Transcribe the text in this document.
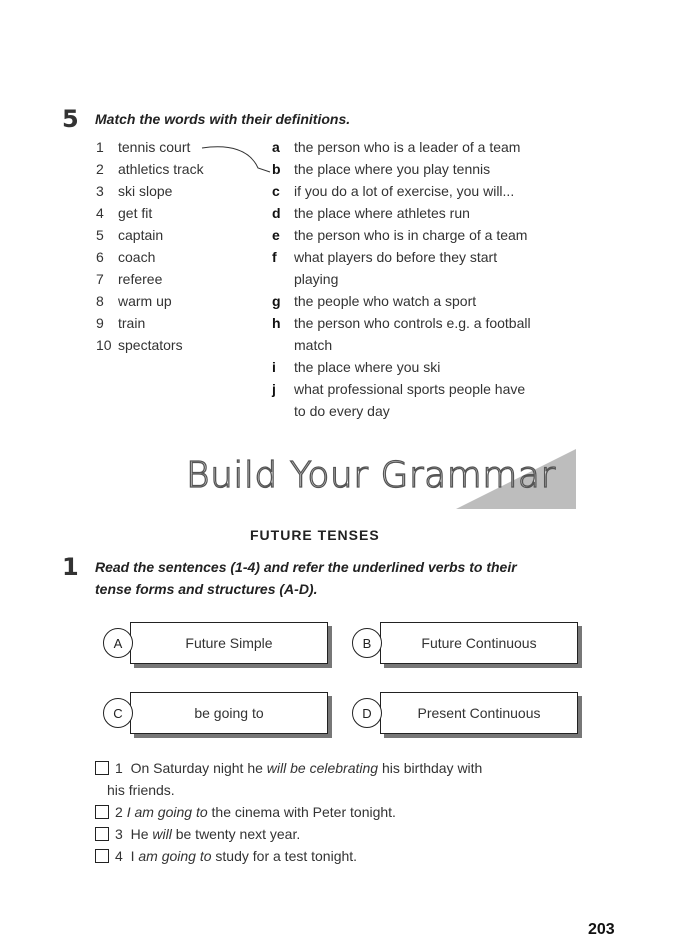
5 Match the words with their definitions.
1 tennis court
2 athletics track
3 ski slope
4 get fit
5 captain
6 coach
7 referee
8 warm up
9 train
10 spectators
a the person who is a leader of a team
b the place where you play tennis
c if you do a lot of exercise, you will...
d the place where athletes run
e the person who is in charge of a team
f what players do before they start
playing
g the people who watch a sport
h the person who controls e.g. a football
match
i the place where you ski
j what professional sports people have
to do every day
Build Your Grammar
FUTURE TENSES
1 Read the sentences (1-4) and refer the underlined verbs to their
tense forms and structures (A-D).
Future Simple
A	Future Continuous
B
be going to
C	Present Continuous
D
1 On Saturday night he will be celebrating his birthday with
his friends.
2 I am going to the cinema with Peter tonight.
3 He will be twenty next year.
4 I am going to study for a test tonight.
203
